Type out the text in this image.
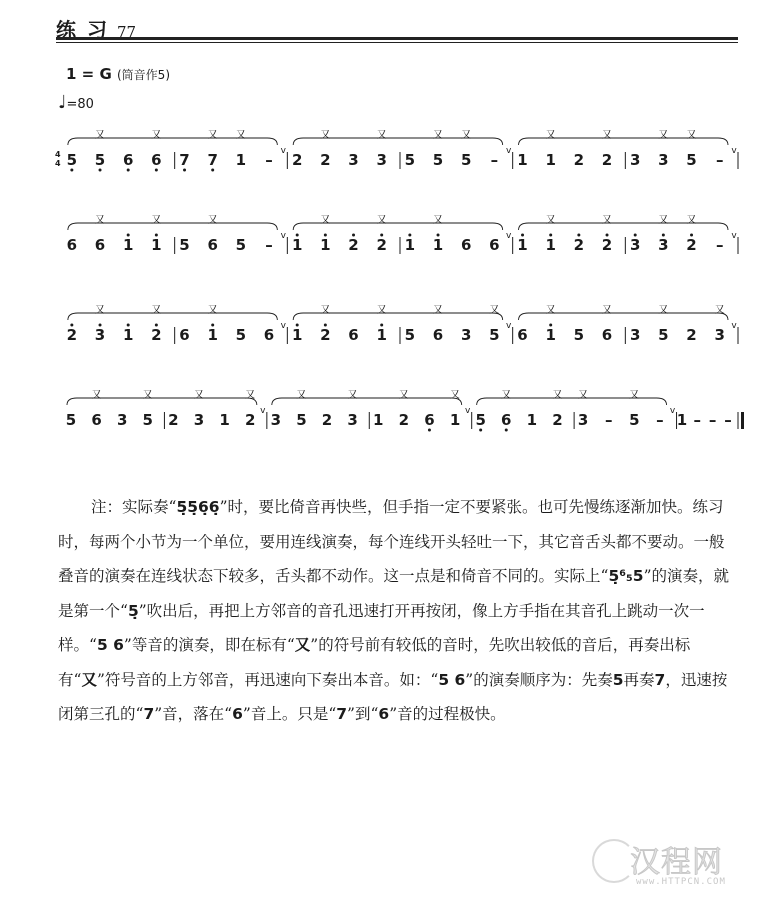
练 习 77
1 = G (筒音作5)
♩=80
4
4 5 5
又
6 6
又
7 7
又
1
又
– v 2 2
又
3 3
又
5 5
又
5
又
– v 1 1
又
2 2
又
3 3
又
5
又
– v
6 6
又
1 1
又
5 6
又
5 – v 1 1
又
2 2
又
1 1
又
6 6 v 1 1
又
2 2
又
3 3
又
2
又
– v
2 3
又
1 2
又
6 1
又
5 6 v 1 2
又
6 1
又
5 6
又
3 5
又
v 6 1
又
5 6
又
3 5
又
2 3
又
v
5 6
又
3 5
又
2 3
又
1 2
又
v 3 5
又
2 3
又
1 2
又
6 1
又
v 5 6
又
1 2
又
3
又
– 5
又
– v 1 – – –

注：实际奏“5̣5̣6̣6̣”时，要比倚音再快些，但手指一定不要紧张。也可先慢练逐渐加快。练习时，每两个小节为一个单位，要用连线演奏，每个连线开头轻吐一下，其它音舌头都不要动。一般叠音的演奏在连线状态下较多，舌头都不动作。这一点是和倚音不同的。实际上“5̣⁶₅5”的演奏，就是第一个“5̣”吹出后，再把上方邻音的音孔迅速打开再按闭，像上方手指在其音孔上跳动一次一样。“5 6”等音的演奏，即在标有“又”的符号前有较低的音时，先吹出较低的音后，再奏出标有“又”符号音的上方邻音，再迅速向下奏出本音。如：“5 6”的演奏顺序为：先奏5再奏7，迅速按闭第三孔的“7”音，落在“6”音上。只是“7”到“6”音的过程极快。

汉程网
www.HTTPCN.COM
